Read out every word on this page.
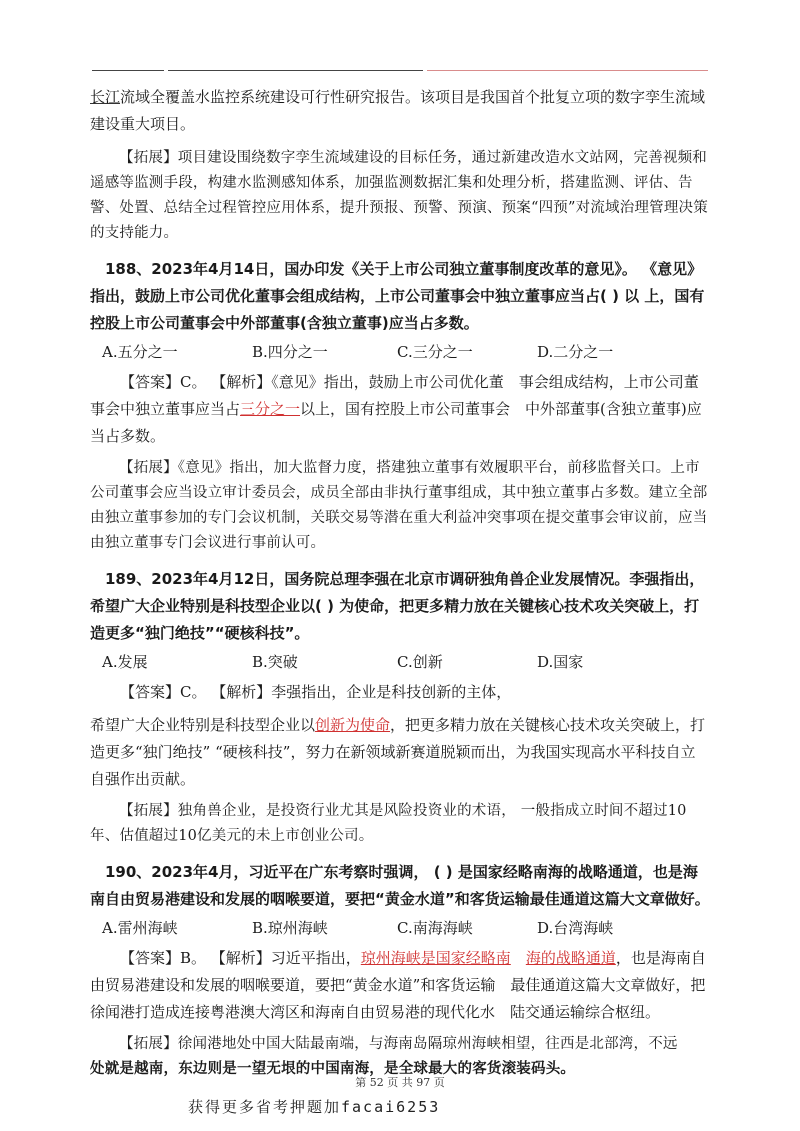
长江流域全覆盖水监控系统建设可行性研究报告。该项目是我国首个批复立项的数字孪生流域建设重大项目。

【拓展】项目建设围绕数字孪生流域建设的目标任务，通过新建改造水文站网，完善视频和遥感等监测手段，构建水监测感知体系，加强监测数据汇集和处理分析，搭建监测、评估、告警、处置、总结全过程管控应用体系，提升预报、预警、预演、预案“四预”对流域治理管理决策的支持能力。

188、2023年4月14日，国办印发《关于上市公司独立董事制度改革的意见》。 《意见》指出，鼓励上市公司优化董事会组成结构，上市公司董事会中独立董事应当占( ) 以 上，国有控股上市公司董事会中外部董事(含独立董事)应当占多数。

A.五分之一	B.四分之一	C.三分之一	D.二分之一

【答案】C。 【解析】《意见》指出，鼓励上市公司优化董 事会组成结构，上市公司董事会中独立董事应当占三分之一以上，国有控股上市公司董事会 中外部董事(含独立董事)应当占多数。

【拓展】《意见》指出，加大监督力度，搭建独立董事有效履职平台，前移监督关口。上市公司董事会应当设立审计委员会，成员全部由非执行董事组成，其中独立董事占多数。建立全部由独立董事参加的专门会议机制，关联交易等潜在重大利益冲突事项在提交董事会审议前，应当由独立董事专门会议进行事前认可。

189、2023年4月12日，国务院总理李强在北京市调研独角兽企业发展情况。李强指出，希望广大企业特别是科技型企业以( ) 为使命，把更多精力放在关键核心技术攻关突破上，打造更多“独门绝技”“硬核科技”。

A.发展	B.突破	C.创新	D.国家

【答案】C。 【解析】李强指出，企业是科技创新的主体，

希望广大企业特别是科技型企业以创新为使命，把更多精力放在关键核心技术攻关突破上，打造更多“独门绝技” “硬核科技”，努力在新领域新赛道脱颖而出，为我国实现高水平科技自立自强作出贡献。

【拓展】独角兽企业，是投资行业尤其是风险投资业的术语， 一般指成立时间不超过10年、估值超过10亿美元的未上市创业公司。

190、2023年4月，习近平在广东考察时强调， ( ) 是国家经略南海的战略通道，也是海南自由贸易港建设和发展的咽喉要道，要把“黄金水道”和客货运输最佳通道这篇大文章做好。

A.雷州海峡	B.琼州海峡	C.南海海峡	D.台湾海峡

【答案】B。 【解析】习近平指出，琼州海峡是国家经略南 海的战略通道，也是海南自由贸易港建设和发展的咽喉要道，要把“黄金水道”和客货运输 最佳通道这篇大文章做好，把徐闻港打造成连接粤港澳大湾区和海南自由贸易港的现代化水 陆交通运输综合枢纽。

【拓展】徐闻港地处中国大陆最南端，与海南岛隔琼州海峡相望，往西是北部湾，不远

处就是越南，东边则是一望无垠的中国南海，是全球最大的客货滚装码头。

第 52 页 共 97 页
获得更多省考押题加facai6253
